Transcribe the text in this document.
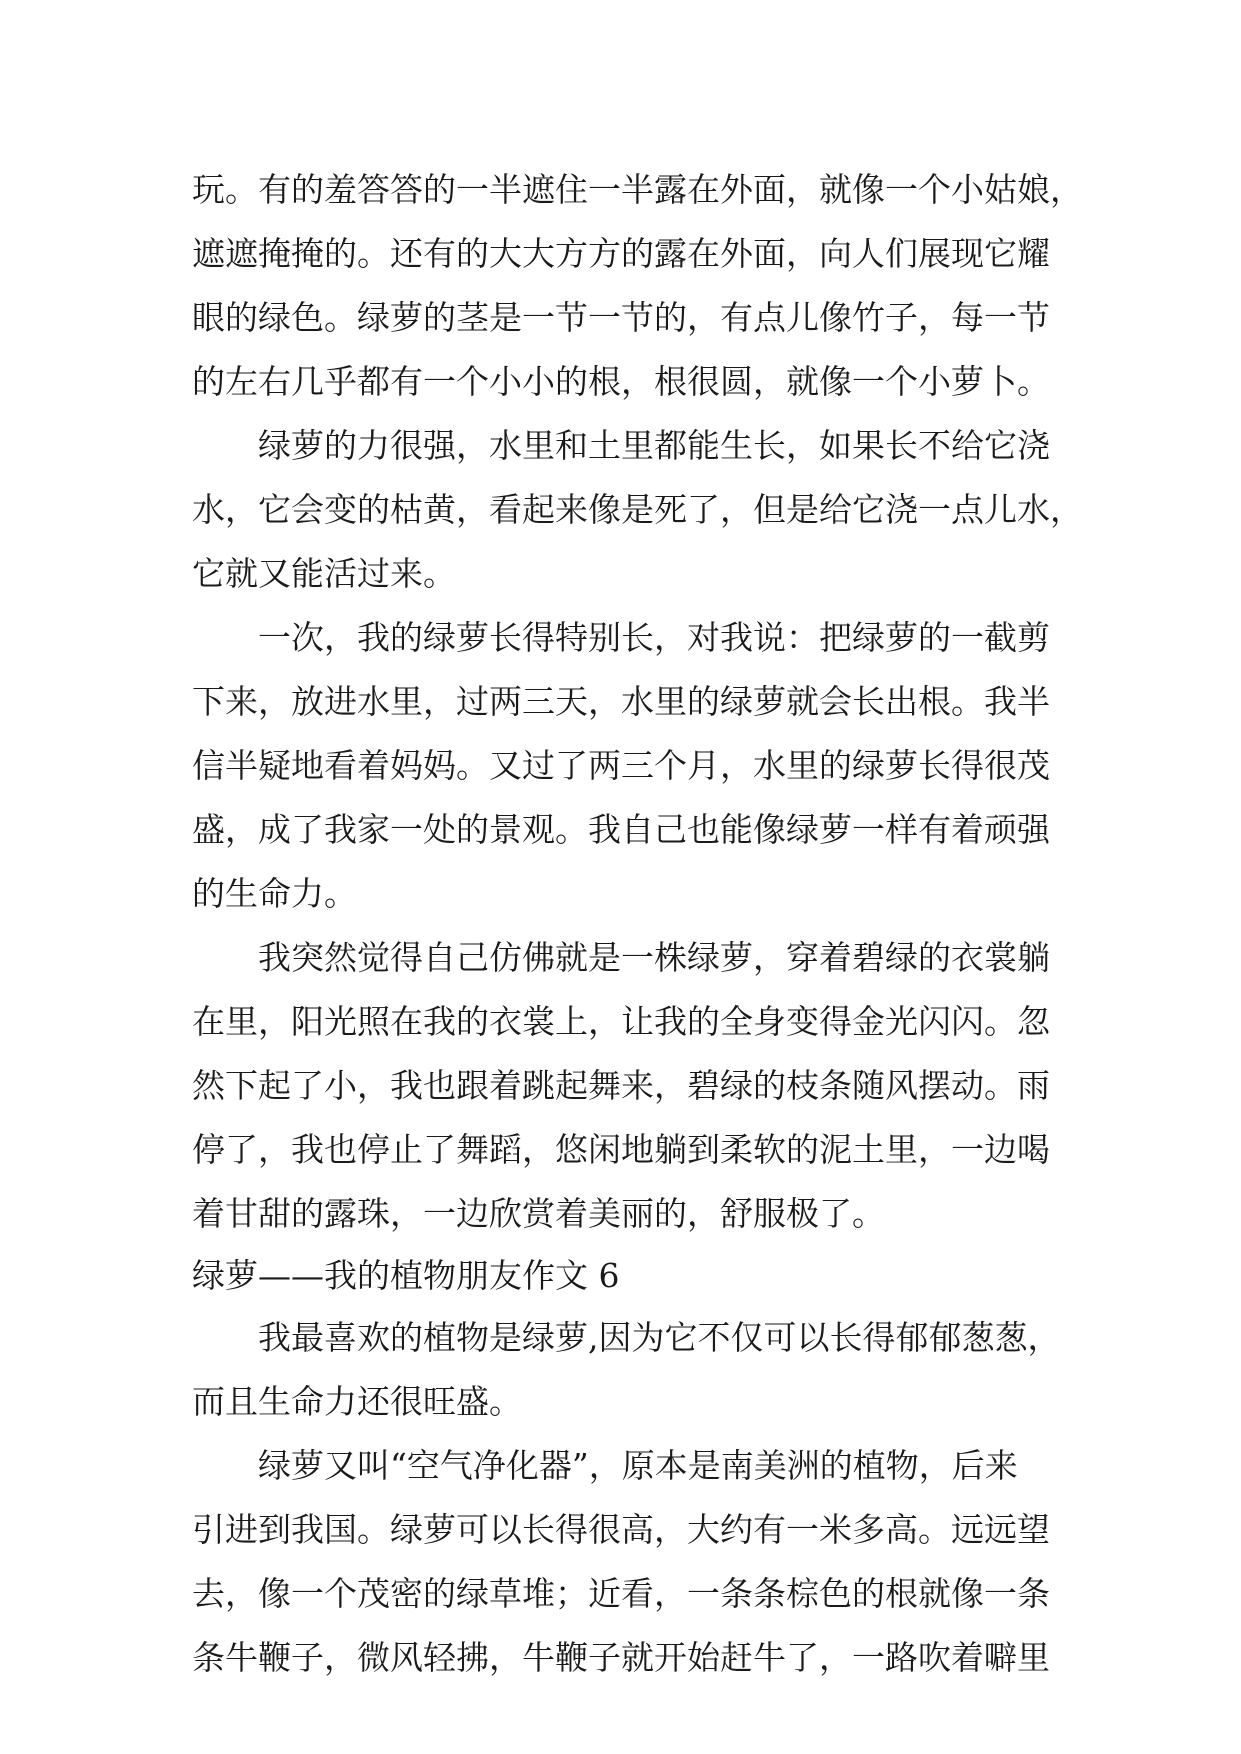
玩。有的羞答答的一半遮住一半露在外面，就像一个小姑娘，
遮遮掩掩的。还有的大大方方的露在外面，向人们展现它耀
眼的绿色。绿萝的茎是一节一节的，有点儿像竹子，每一节
的左右几乎都有一个小小的根，根很圆，就像一个小萝卜。
绿萝的力很强，水里和土里都能生长，如果长不给它浇
水，它会变的枯黄，看起来像是死了，但是给它浇一点儿水，
它就又能活过来。
一次，我的绿萝长得特别长，对我说：把绿萝的一截剪
下来，放进水里，过两三天，水里的绿萝就会长出根。我半
信半疑地看着妈妈。又过了两三个月，水里的绿萝长得很茂
盛，成了我家一处的景观。我自己也能像绿萝一样有着顽强
的生命力。
我突然觉得自己仿佛就是一株绿萝，穿着碧绿的衣裳躺
在里，阳光照在我的衣裳上，让我的全身变得金光闪闪。忽
然下起了小，我也跟着跳起舞来，碧绿的枝条随风摆动。雨
停了，我也停止了舞蹈，悠闲地躺到柔软的泥土里，一边喝
着甘甜的露珠，一边欣赏着美丽的，舒服极了。
绿萝——我的植物朋友作文 6
我最喜欢的植物是绿萝,因为它不仅可以长得郁郁葱葱，
而且生命力还很旺盛。
绿萝又叫“空气净化器”，原本是南美洲的植物，后来
引进到我国。绿萝可以长得很高，大约有一米多高。远远望
去，像一个茂密的绿草堆；近看，一条条棕色的根就像一条
条牛鞭子，微风轻拂，牛鞭子就开始赶牛了，一路吹着噼里
